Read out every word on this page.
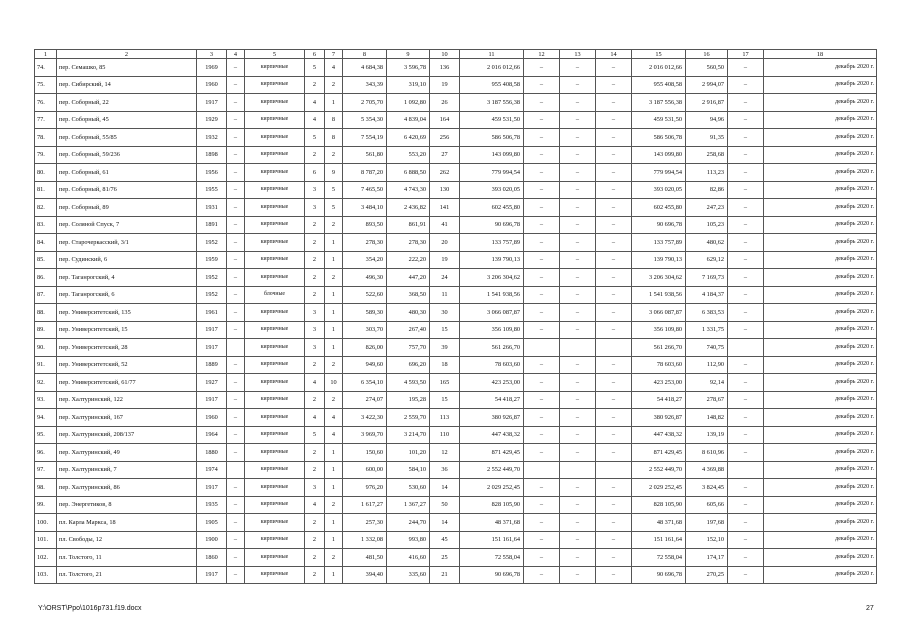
1	2	3	4	5	6	7	8	9	10	11	12	13	14	15	16	17	18
74.	пер. Семашко, 85	1969	–	кирпичные	5	4	4 684,38	3 596,78	136	2 016 012,66	–	–	–	2 016 012,66	560,50	–	декабрь 2020 г.
75.	пер. Сибирский, 14	1960	–	кирпичные	2	2	343,39	319,10	19	955 408,58	–	–	–	955 408,58	2 994,07	–	декабрь 2020 г.
76.	пер. Соборный, 22	1917	–	кирпичные	4	1	2 705,70	1 092,80	26	3 187 556,38	–	–	–	3 187 556,38	2 916,87	–	декабрь 2020 г.
77.	пер. Соборный, 45	1929	–	кирпичные	4	8	5 354,30	4 839,04	164	459 531,50	–	–	–	459 531,50	94,96	–	декабрь 2020 г.
78.	пер. Соборный, 55/85	1932	–	кирпичные	5	8	7 554,19	6 420,69	256	586 506,78	–	–	–	586 506,78	91,35	–	декабрь 2020 г.
79.	пер. Соборный, 59/236	1898	–	кирпичные	2	2	561,80	553,20	27	143 099,80	–	–	–	143 099,80	258,68	–	декабрь 2020 г.
80.	пер. Соборный, 61	1956	–	кирпичные	6	9	8 787,20	6 888,50	262	779 994,54	–	–	–	779 994,54	113,23	–	декабрь 2020 г.
81.	пер. Соборный, 81/76	1955	–	кирпичные	3	5	7 465,50	4 743,30	130	393 020,05	–	–	–	393 020,05	82,86	–	декабрь 2020 г.
82.	пер. Соборный, 89	1931	–	кирпичные	3	5	3 484,10	2 436,82	141	602 455,80	–	–	–	602 455,80	247,23	–	декабрь 2020 г.
83.	пер. Соляной Спуск, 7	1891	–	кирпичные	2	2	893,50	861,91	41	90 696,78	–	–	–	90 696,78	105,23	–	декабрь 2020 г.
84.	пер. Старочеркасский, 3/1	1952	–	кирпичные	2	1	278,30	278,30	20	133 757,89	–	–	–	133 757,89	480,62	–	декабрь 2020 г.
85.	пер. Судинский, 6	1959	–	кирпичные	2	1	354,20	222,20	19	139 790,13	–	–	–	139 790,13	629,12	–	декабрь 2020 г.
86.	пер. Таганрогский, 4	1952	–	кирпичные	2	2	496,30	447,20	24	3 206 304,62	–	–	–	3 206 304,62	7 169,73	–	декабрь 2020 г.
87.	пер. Таганрогский, 6	1952	–	блочные	2	1	522,60	368,50	11	1 541 938,56	–	–	–	1 541 938,56	4 184,37	–	декабрь 2020 г.
88.	пер. Университетский, 135	1961	–	кирпичные	3	1	589,30	480,30	30	3 066 087,87	–	–	–	3 066 087,87	6 383,53	–	декабрь 2020 г.
89.	пер. Университетский, 15	1917	–	кирпичные	3	1	303,70	267,40	15	356 109,80	–	–	–	356 109,80	1 331,75	–	декабрь 2020 г.
90.	пер. Университетский, 28	1917		кирпичные	3	1	826,00	757,70	39	561 266,70				561 266,70	740,75		декабрь 2020 г.
91.	пер. Университетский, 52	1889	–	кирпичные	2	2	949,60	696,20	18	78 603,60	–	–	–	78 603,60	112,90	–	декабрь 2020 г.
92.	пер. Университетский, 61/77	1927	–	кирпичные	4	10	6 354,10	4 593,50	165	423 253,00	–	–	–	423 253,00	92,14	–	декабрь 2020 г.
93.	пер. Халтуринский, 122	1917	–	кирпичные	2	2	274,07	195,28	15	54 418,27	–	–	–	54 418,27	278,67	–	декабрь 2020 г.
94.	пер. Халтуринский, 167	1960	–	кирпичные	4	4	3 422,30	2 559,70	113	380 926,87	–	–	–	380 926,87	148,82	–	декабрь 2020 г.
95.	пер. Халтуринский, 208/137	1964	–	кирпичные	5	4	3 969,70	3 214,70	110	447 438,32	–	–	–	447 438,32	139,19	–	декабрь 2020 г.
96.	пер. Халтуринский, 49	1880	–	кирпичные	2	1	150,60	101,20	12	871 429,45	–	–	–	871 429,45	8 610,96	–	декабрь 2020 г.
97.	пер. Халтуринский, 7	1974		кирпичные	2	1	600,00	584,10	36	2 552 449,70				2 552 449,70	4 369,88		декабрь 2020 г.
98.	пер. Халтуринский, 86	1917	–	кирпичные	3	1	976,20	530,60	14	2 029 252,45	–	–	–	2 029 252,45	3 824,45	–	декабрь 2020 г.
99.	пер. Энергетиков, 8	1935	–	кирпичные	4	2	1 617,27	1 367,27	50	828 105,90	–	–	–	828 105,90	605,66	–	декабрь 2020 г.
100.	пл. Карла Маркса, 18	1905	–	кирпичные	2	1	257,30	244,70	14	48 371,68	–	–	–	48 371,68	197,68	–	декабрь 2020 г.
101.	пл. Свободы, 12	1900	–	кирпичные	2	1	1 332,08	993,80	45	151 161,64	–	–	–	151 161,64	152,10	–	декабрь 2020 г.
102.	пл. Толстого, 11	1860	–	кирпичные	2	2	481,50	416,60	25	72 558,04	–	–	–	72 558,04	174,17	–	декабрь 2020 г.
103.	пл. Толстого, 21	1917	–	кирпичные	2	1	394,40	335,60	21	90 696,78	–	–	–	90 696,78	270,25	–	декабрь 2020 г.
Y:\ORST\Ppo\1016p731.f19.docx	27
